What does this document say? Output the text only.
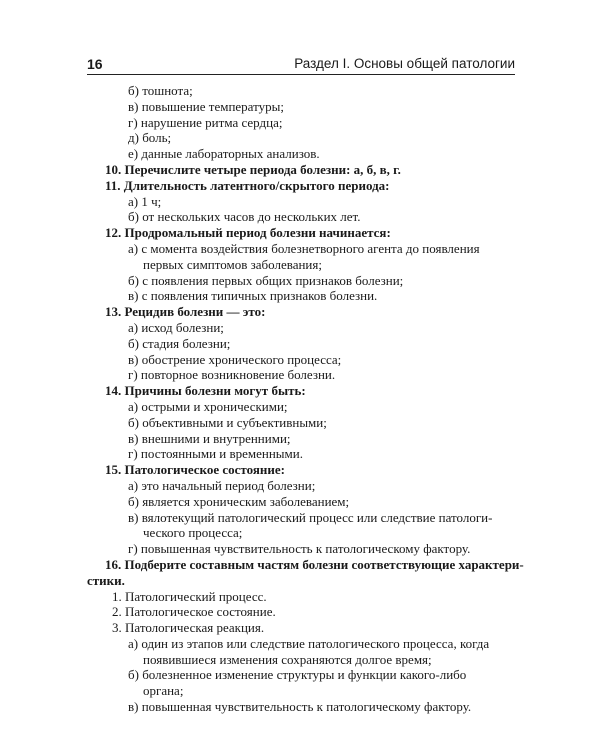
16	Раздел I. Основы общей патологии
б) тошнота;
в) повышение температуры;
г) нарушение ритма сердца;
д) боль;
е) данные лабораторных анализов.
10. Перечислите четыре периода болезни: а, б, в, г.
11. Длительность латентного/скрытого периода:
а) 1 ч;
б) от нескольких часов до нескольких лет.
12. Продромальный период болезни начинается:
а) с момента воздействия болезнетворного агента до появления
первых симптомов заболевания;
б) с появления первых общих признаков болезни;
в) с появления типичных признаков болезни.
13. Рецидив болезни — это:
а) исход болезни;
б) стадия болезни;
в) обострение хронического процесса;
г) повторное возникновение болезни.
14. Причины болезни могут быть:
а) острыми и хроническими;
б) объективными и субъективными;
в) внешними и внутренними;
г) постоянными и временными.
15. Патологическое состояние:
а) это начальный период болезни;
б) является хроническим заболеванием;
в) вялотекущий патологический процесс или следствие патологи-
ческого процесса;
г) повышенная чувствительность к патологическому фактору.
16. Подберите составным частям болезни соответствующие характери-
стики.
1. Патологический процесс.
2. Патологическое состояние.
3. Патологическая реакция.
а) один из этапов или следствие патологического процесса, когда
появившиеся изменения сохраняются долгое время;
б) болезненное изменение структуры и функции какого-либо
органа;
в) повышенная чувствительность к патологическому фактору.
